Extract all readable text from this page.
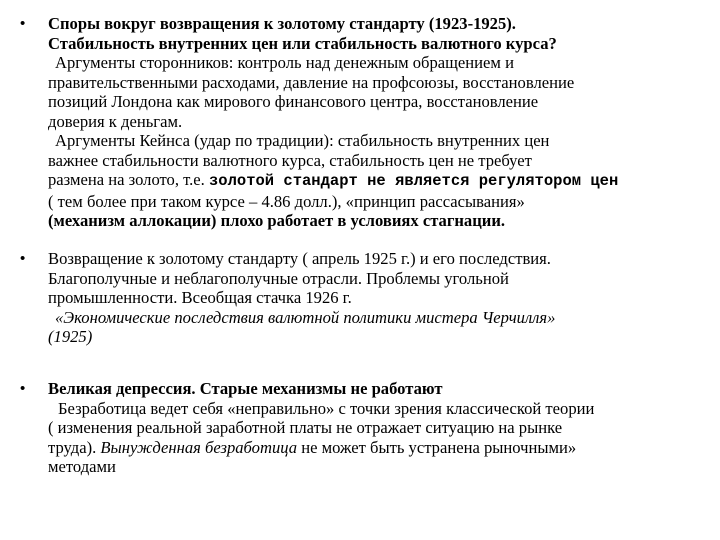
• Споры вокруг возвращения к золотому стандарту (1923-1925).
Стабильность внутренних цен или стабильность валютного курса?
Аргументы сторонников: контроль над денежным обращением и
правительственными расходами, давление на профсоюзы, восстановление
позиций Лондона как мирового финансового центра, восстановление
доверия к деньгам.
Аргументы Кейнса (удар по традиции): стабильность внутренних цен
важнее стабильности валютного курса, стабильность цен не требует
размена на золото, т.е. золотой стандарт не является регулятором цен
( тем более при таком курсе – 4.86 долл.), «принцип рассасывания»
(механизм аллокации) плохо работает в условиях стагнации.
• Возвращение к золотому стандарту ( апрель 1925 г.) и его последствия.
Благополучные и неблагополучные отрасли. Проблемы угольной
промышленности. Всеобщая стачка 1926 г.
«Экономические последствия валютной политики мистера Черчилля»
(1925)
• Великая депрессия. Старые механизмы не работают
Безработица ведет себя «неправильно» с точки зрения классической теории
( изменения реальной заработной платы не отражает ситуацию на рынке
труда). Вынужденная безработица не может быть устранена рыночными»
методами
